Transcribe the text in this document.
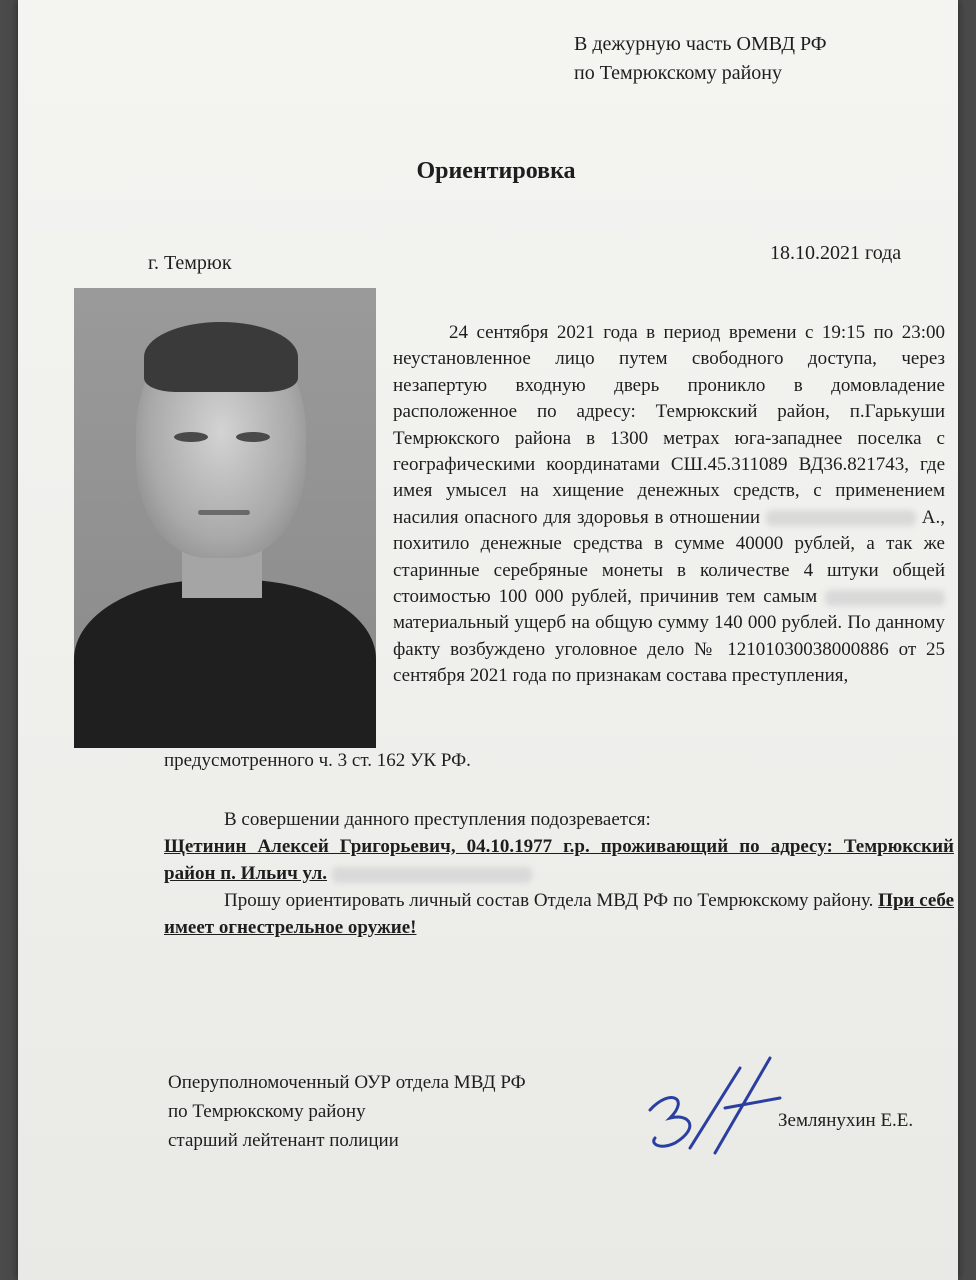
В дежурную часть ОМВД РФ
по Темрюкскому району
Ориентировка
г. Темрюк	18.10.2021 года
24 сентября 2021 года в период времени с 19:15 по 23:00 неустановленное лицо путем свободного доступа, через незапертую входную дверь проникло в домовладение расположенное по адресу: Темрюкский район, п.Гарькуши Темрюкского района в 1300 метрах юга-западнее поселка с географическими координатами СШ.45.311089 ВД36.821743, где имея умысел на хищение денежных средств, с применением насилия опасного для здоровья в отношении	А., похитило денежные средства в сумме 40000 рублей, а так же старинные серебряные монеты в количестве 4 штуки общей стоимостью 100 000 рублей, причинив тем самым  материальный ущерб на общую сумму 140 000 рублей. По данному факту возбуждено уголовное дело № 12101030038000886 от 25 сентября 2021 года по признакам состава преступления,
предусмотренного ч. 3 ст. 162 УК РФ.
В совершении данного преступления подозревается:
Щетинин Алексей Григорьевич, 04.10.1977 г.р. проживающий по адресу: Темрюкский район п. Ильич ул.
Прошу ориентировать личный состав Отдела МВД РФ по Темрюкскому району. При себе имеет огнестрельное оружие!
Оперуполномоченный ОУР отдела МВД РФ
по Темрюкскому району
старший лейтенант полиции
Землянухин Е.Е.
